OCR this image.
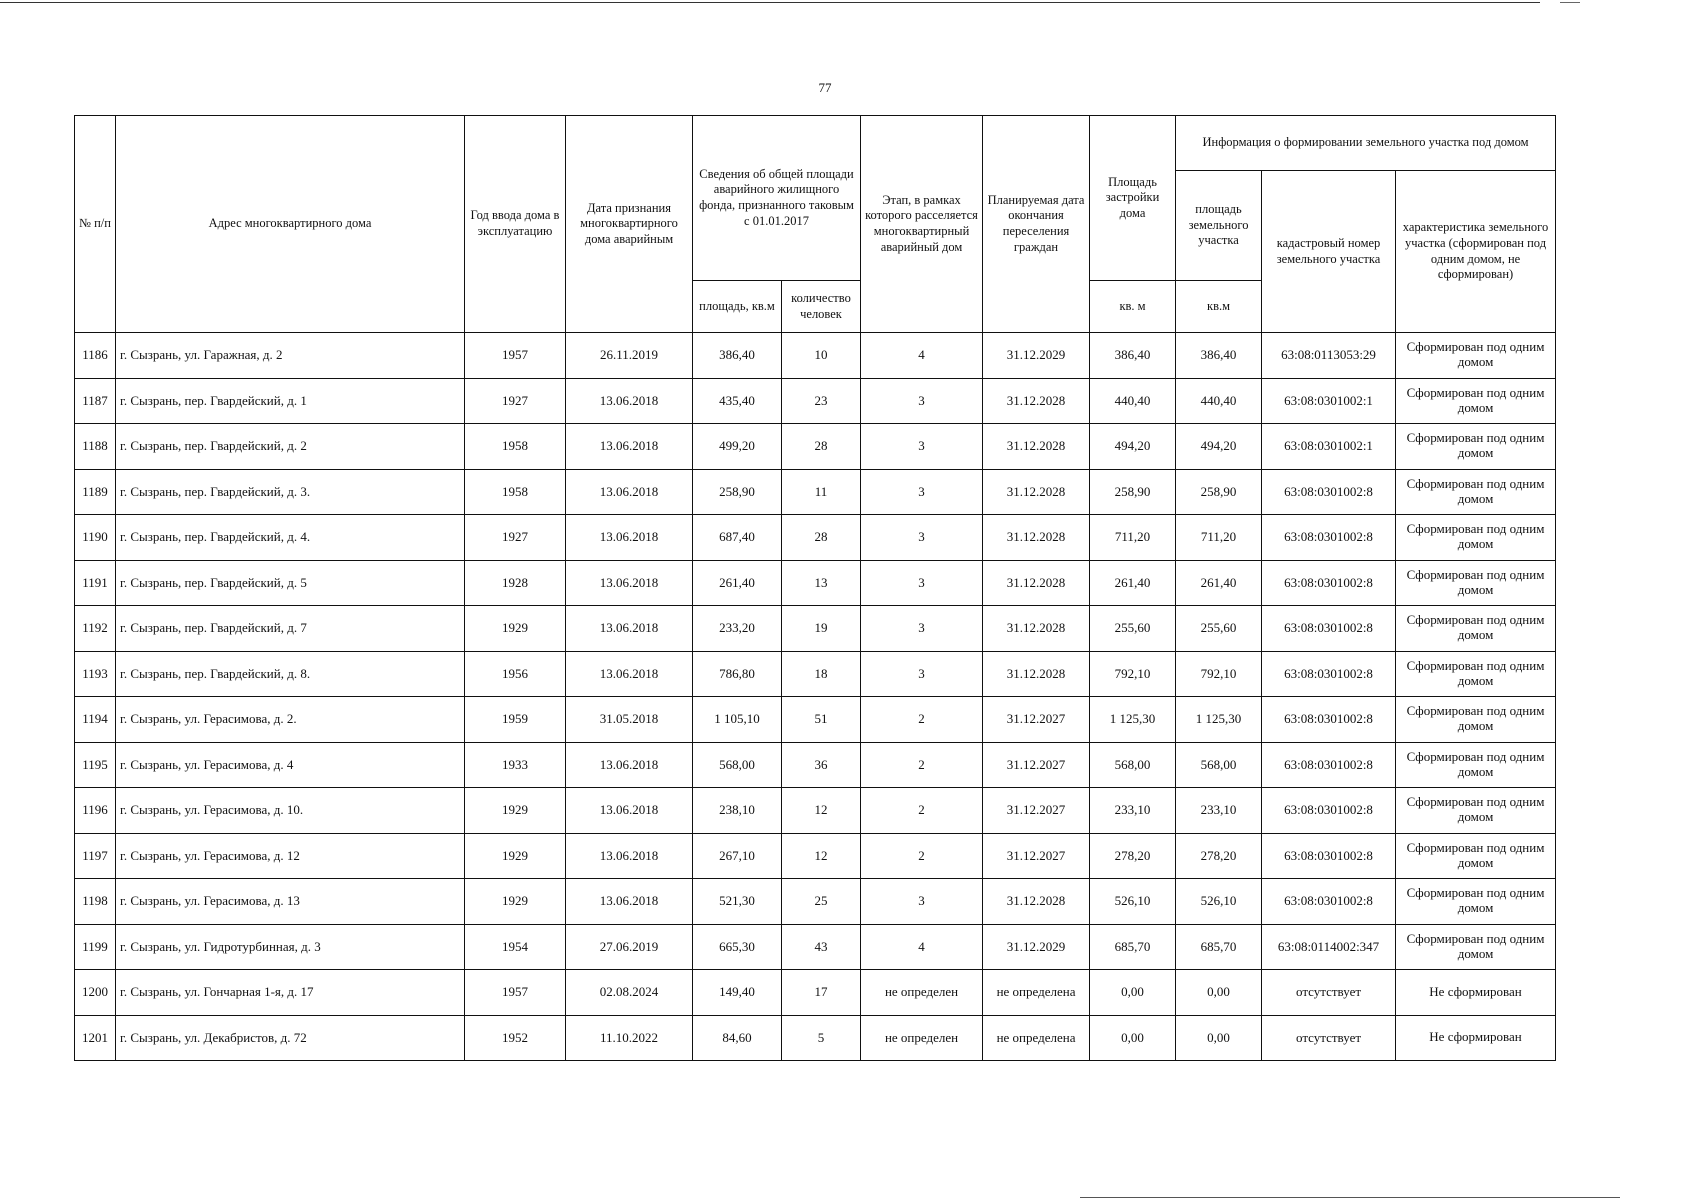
77
№ п/п	Адрес многоквартирного дома	Год ввода дома в эксплуатацию	Дата признания многоквартирного дома аварийным	Сведения об общей площади аварийного жилищного фонда, признанного таковым с 01.01.2017		Этап, в рамках которого расселяется многоквартирный аварийный дом	Планируемая дата окончания переселения граждан	Площадь застройки дома	Информация о формировании земельного участка под домом		
									площадь земельного участка	кадастровый номер земельного участка	характеристика земельного участка (сформирован под одним домом, не сформирован)
				площадь, кв.м	количество человек			кв. м	кв.м		
1186	г. Сызрань, ул. Гаражная, д. 2	1957	26.11.2019	386,40	10	4	31.12.2029	386,40	386,40	63:08:0113053:29	Сформирован под одним домом
1187	г. Сызрань, пер. Гвардейский, д. 1	1927	13.06.2018	435,40	23	3	31.12.2028	440,40	440,40	63:08:0301002:1	Сформирован под одним домом
1188	г. Сызрань, пер. Гвардейский, д. 2	1958	13.06.2018	499,20	28	3	31.12.2028	494,20	494,20	63:08:0301002:1	Сформирован под одним домом
1189	г. Сызрань, пер. Гвардейский, д. 3.	1958	13.06.2018	258,90	11	3	31.12.2028	258,90	258,90	63:08:0301002:8	Сформирован под одним домом
1190	г. Сызрань, пер. Гвардейский, д. 4.	1927	13.06.2018	687,40	28	3	31.12.2028	711,20	711,20	63:08:0301002:8	Сформирован под одним домом
1191	г. Сызрань, пер. Гвардейский, д. 5	1928	13.06.2018	261,40	13	3	31.12.2028	261,40	261,40	63:08:0301002:8	Сформирован под одним домом
1192	г. Сызрань, пер. Гвардейский, д. 7	1929	13.06.2018	233,20	19	3	31.12.2028	255,60	255,60	63:08:0301002:8	Сформирован под одним домом
1193	г. Сызрань, пер. Гвардейский, д. 8.	1956	13.06.2018	786,80	18	3	31.12.2028	792,10	792,10	63:08:0301002:8	Сформирован под одним домом
1194	г. Сызрань, ул. Герасимова, д. 2.	1959	31.05.2018	1 105,10	51	2	31.12.2027	1 125,30	1 125,30	63:08:0301002:8	Сформирован под одним домом
1195	г. Сызрань, ул. Герасимова, д. 4	1933	13.06.2018	568,00	36	2	31.12.2027	568,00	568,00	63:08:0301002:8	Сформирован под одним домом
1196	г. Сызрань, ул. Герасимова, д. 10.	1929	13.06.2018	238,10	12	2	31.12.2027	233,10	233,10	63:08:0301002:8	Сформирован под одним домом
1197	г. Сызрань, ул. Герасимова, д. 12	1929	13.06.2018	267,10	12	2	31.12.2027	278,20	278,20	63:08:0301002:8	Сформирован под одним домом
1198	г. Сызрань, ул. Герасимова, д. 13	1929	13.06.2018	521,30	25	3	31.12.2028	526,10	526,10	63:08:0301002:8	Сформирован под одним домом
1199	г. Сызрань, ул. Гидротурбинная, д. 3	1954	27.06.2019	665,30	43	4	31.12.2029	685,70	685,70	63:08:0114002:347	Сформирован под одним домом
1200	г. Сызрань, ул. Гончарная 1-я, д. 17	1957	02.08.2024	149,40	17	не определен	не определена	0,00	0,00	отсутствует	Не сформирован
1201	г. Сызрань, ул. Декабристов, д. 72	1952	11.10.2022	84,60	5	не определен	не определена	0,00	0,00	отсутствует	Не сформирован
